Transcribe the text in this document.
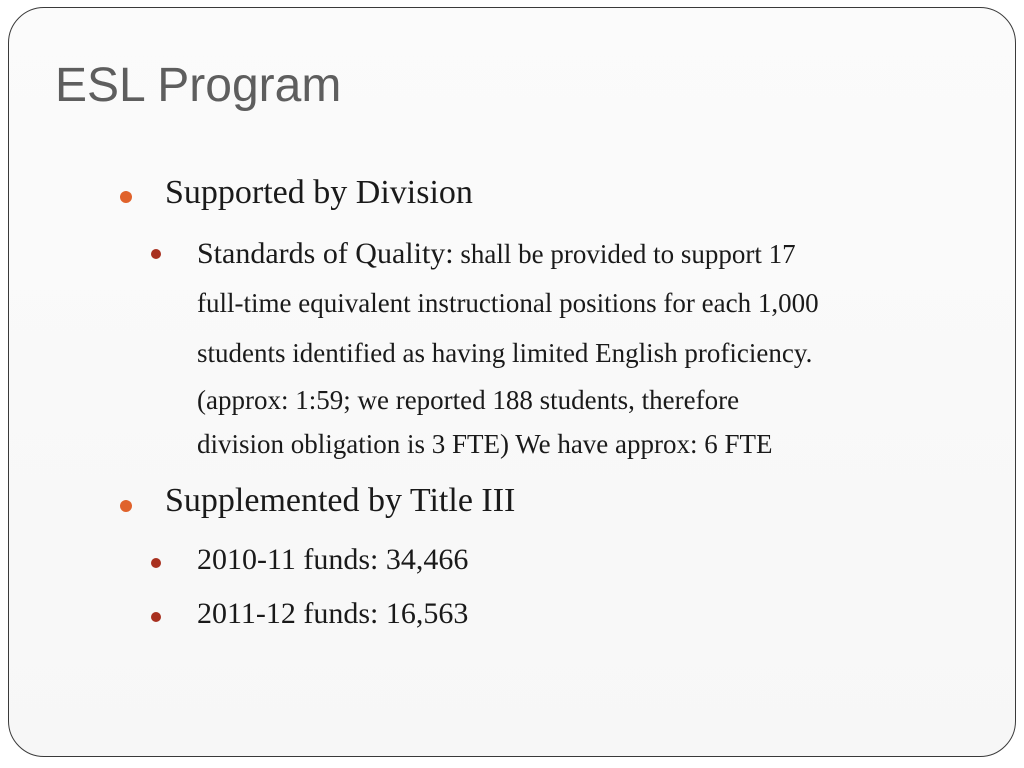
ESL Program
Supported by Division
Standards of Quality: shall be provided to support 17
full-time equivalent instructional positions for each 1,000
students identified as having limited English proficiency.
(approx: 1:59; we reported 188 students, therefore
division obligation is 3 FTE) We have approx: 6 FTE
Supplemented by Title III
2010-11 funds: 34,466
2011-12 funds: 16,563
